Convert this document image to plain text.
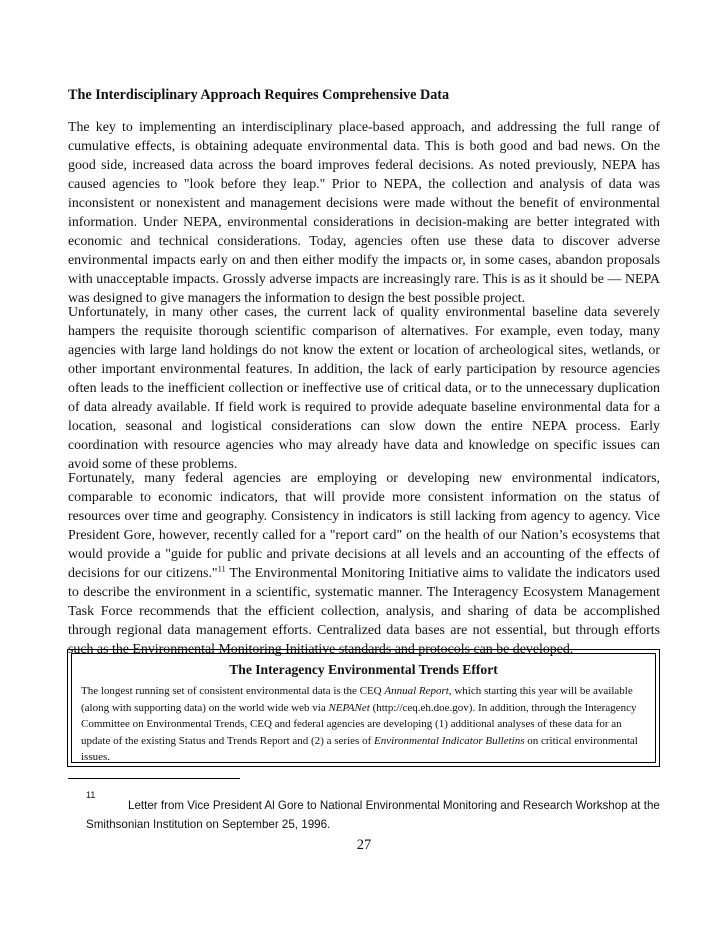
The Interdisciplinary Approach Requires Comprehensive Data

The key to implementing an interdisciplinary place-based approach, and addressing the full range of cumulative effects, is obtaining adequate environmental data. This is both good and bad news. On the good side, increased data across the board improves federal decisions. As noted previously, NEPA has caused agencies to "look before they leap." Prior to NEPA, the collection and analysis of data was inconsistent or nonexistent and management decisions were made without the benefit of environmental information. Under NEPA, environmental considerations in decision-making are better integrated with economic and technical considerations. Today, agencies often use these data to discover adverse environmental impacts early on and then either modify the impacts or, in some cases, abandon proposals with unacceptable impacts. Grossly adverse impacts are increasingly rare. This is as it should be — NEPA was designed to give managers the information to design the best possible project.

Unfortunately, in many other cases, the current lack of quality environmental baseline data severely hampers the requisite thorough scientific comparison of alternatives. For example, even today, many agencies with large land holdings do not know the extent or location of archeological sites, wetlands, or other important environmental features. In addition, the lack of early participation by resource agencies often leads to the inefficient collection or ineffective use of critical data, or to the unnecessary duplication of data already available. If field work is required to provide adequate baseline environmental data for a location, seasonal and logistical considerations can slow down the entire NEPA process. Early coordination with resource agencies who may already have data and knowledge on specific issues can avoid some of these problems.

Fortunately, many federal agencies are employing or developing new environmental indicators, comparable to economic indicators, that will provide more consistent information on the status of resources over time and geography. Consistency in indicators is still lacking from agency to agency. Vice President Gore, however, recently called for a "report card" on the health of our Nation’s ecosystems that would provide a "guide for public and private decisions at all levels and an accounting of the effects of decisions for our citizens."$^{11}$ The Environmental Monitoring Initiative aims to validate the indicators used to describe the environment in a scientific, systematic manner. The Interagency Ecosystem Management Task Force recommends that the efficient collection, analysis, and sharing of data be accomplished through regional data management efforts. Centralized data bases are not essential, but through efforts such as the Environmental Monitoring Initiative standards and protocols can be developed.

The Interagency Environmental Trends Effort

The longest running set of consistent environmental data is the CEQ Annual Report, which starting this year will be available (along with supporting data) on the world wide web via NEPANet (http://ceq.eh.doe.gov). In addition, through the Interagency Committee on Environmental Trends, CEQ and federal agencies are developing (1) additional analyses of these data for an update of the existing Status and Trends Report and (2) a series of Environmental Indicator Bulletins on critical environmental issues.

11

Letter from Vice President Al Gore to National Environmental Monitoring and Research Workshop at the Smithsonian Institution on September 25, 1996.

27
